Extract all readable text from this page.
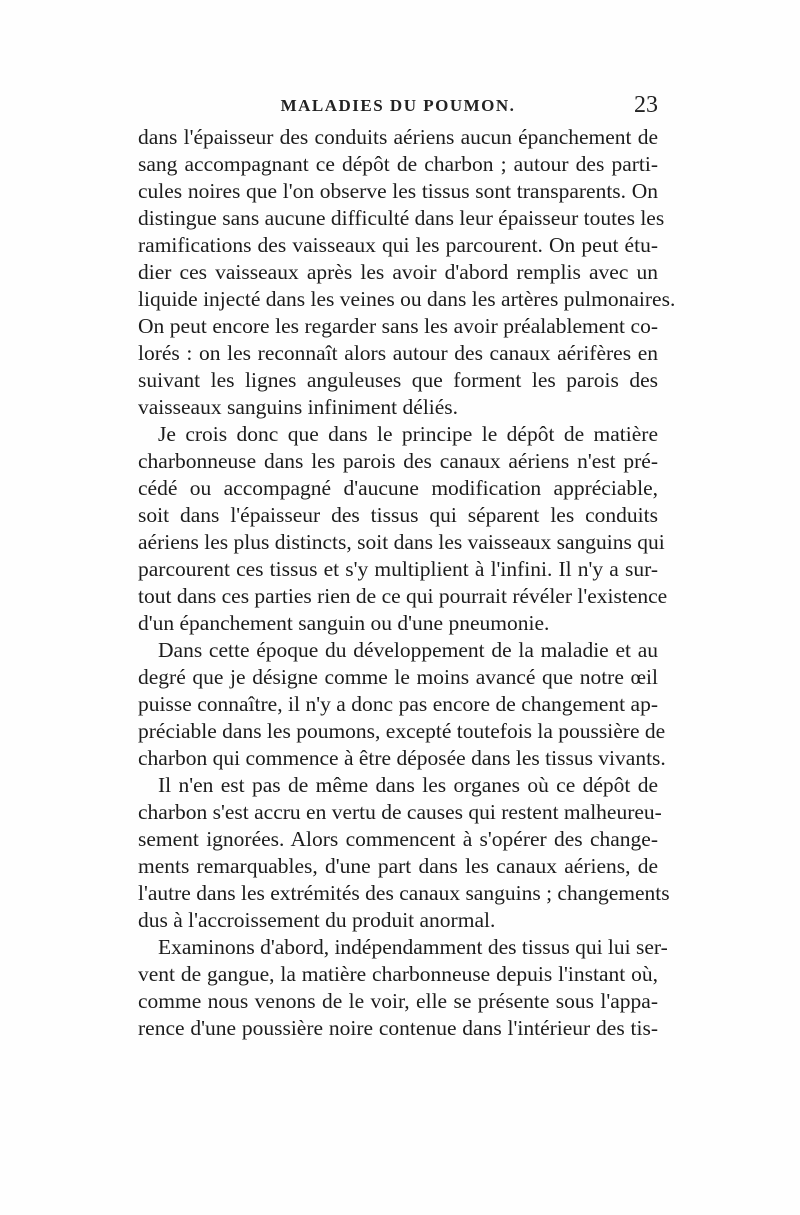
MALADIES DU POUMON.	23
dans l'épaisseur des conduits aériens aucun épanchement de
sang accompagnant ce dépôt de charbon ; autour des parti-
cules noires que l'on observe les tissus sont transparents. On
distingue sans aucune difficulté dans leur épaisseur toutes les
ramifications des vaisseaux qui les parcourent. On peut étu-
dier ces vaisseaux après les avoir d'abord remplis avec un
liquide injecté dans les veines ou dans les artères pulmonaires.
On peut encore les regarder sans les avoir préalablement co-
lorés : on les reconnaît alors autour des canaux aérifères en
suivant les lignes anguleuses que forment les parois des
vaisseaux sanguins infiniment déliés.
Je crois donc que dans le principe le dépôt de matière
charbonneuse dans les parois des canaux aériens n'est pré-
cédé ou accompagné d'aucune modification appréciable,
soit dans l'épaisseur des tissus qui séparent les conduits
aériens les plus distincts, soit dans les vaisseaux sanguins qui
parcourent ces tissus et s'y multiplient à l'infini. Il n'y a sur-
tout dans ces parties rien de ce qui pourrait révéler l'existence
d'un épanchement sanguin ou d'une pneumonie.
Dans cette époque du développement de la maladie et au
degré que je désigne comme le moins avancé que notre œil
puisse connaître, il n'y a donc pas encore de changement ap-
préciable dans les poumons, excepté toutefois la poussière de
charbon qui commence à être déposée dans les tissus vivants.
Il n'en est pas de même dans les organes où ce dépôt de
charbon s'est accru en vertu de causes qui restent malheureu-
sement ignorées. Alors commencent à s'opérer des change-
ments remarquables, d'une part dans les canaux aériens, de
l'autre dans les extrémités des canaux sanguins ; changements
dus à l'accroissement du produit anormal.
Examinons d'abord, indépendamment des tissus qui lui ser-
vent de gangue, la matière charbonneuse depuis l'instant où,
comme nous venons de le voir, elle se présente sous l'appa-
rence d'une poussière noire contenue dans l'intérieur des tis-
